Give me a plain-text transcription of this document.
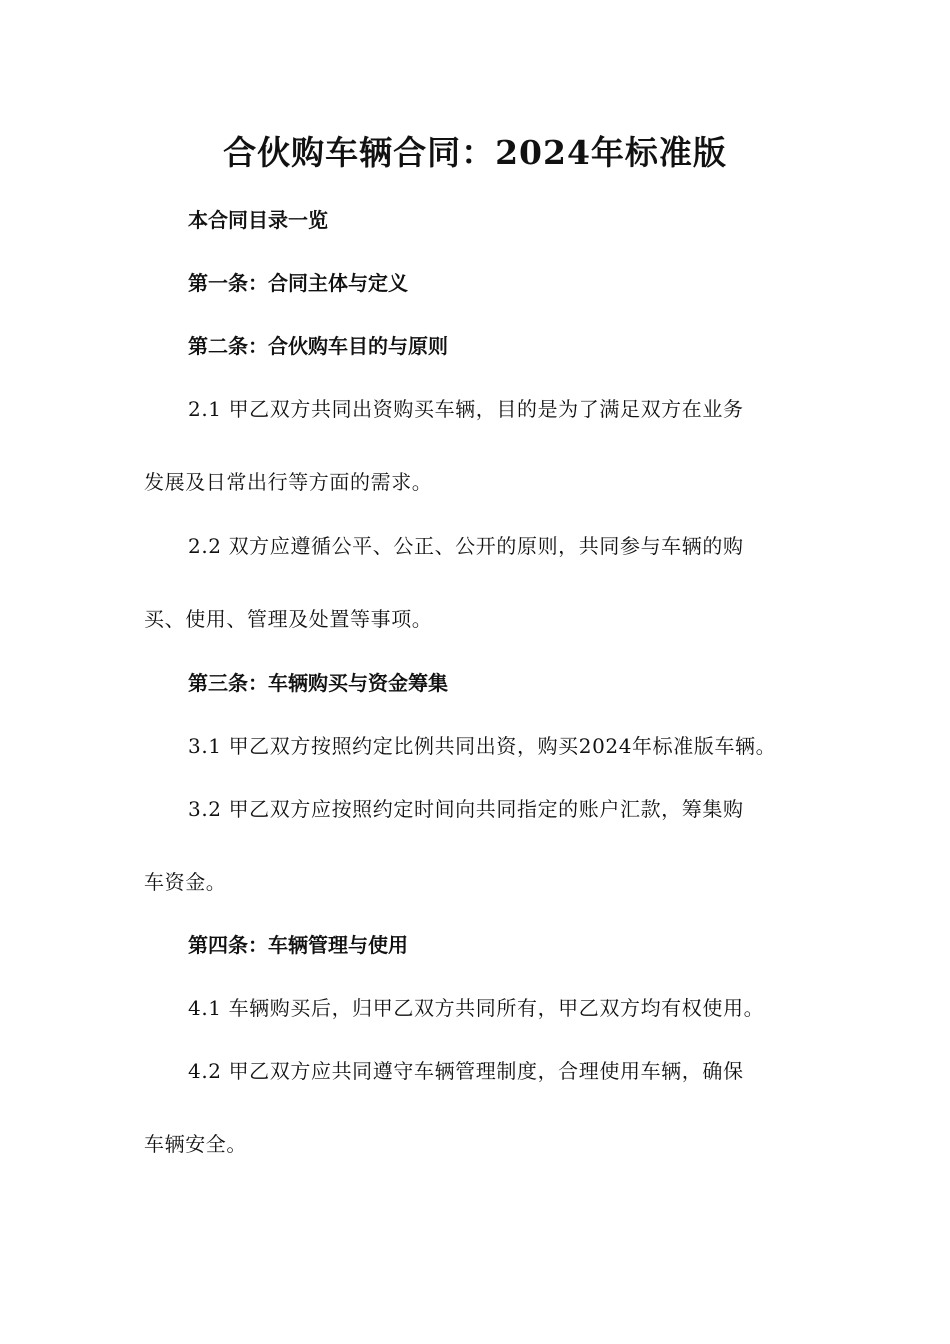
合伙购车辆合同：2024年标准版
本合同目录一览
第一条：合同主体与定义
第二条：合伙购车目的与原则
2.1 甲乙双方共同出资购买车辆，目的是为了满足双方在业务
发展及日常出行等方面的需求。
2.2 双方应遵循公平、公正、公开的原则，共同参与车辆的购
买、使用、管理及处置等事项。
第三条：车辆购买与资金筹集
3.1 甲乙双方按照约定比例共同出资，购买2024年标准版车辆。
3.2 甲乙双方应按照约定时间向共同指定的账户汇款，筹集购
车资金。
第四条：车辆管理与使用
4.1 车辆购买后，归甲乙双方共同所有，甲乙双方均有权使用。
4.2 甲乙双方应共同遵守车辆管理制度，合理使用车辆，确保
车辆安全。
